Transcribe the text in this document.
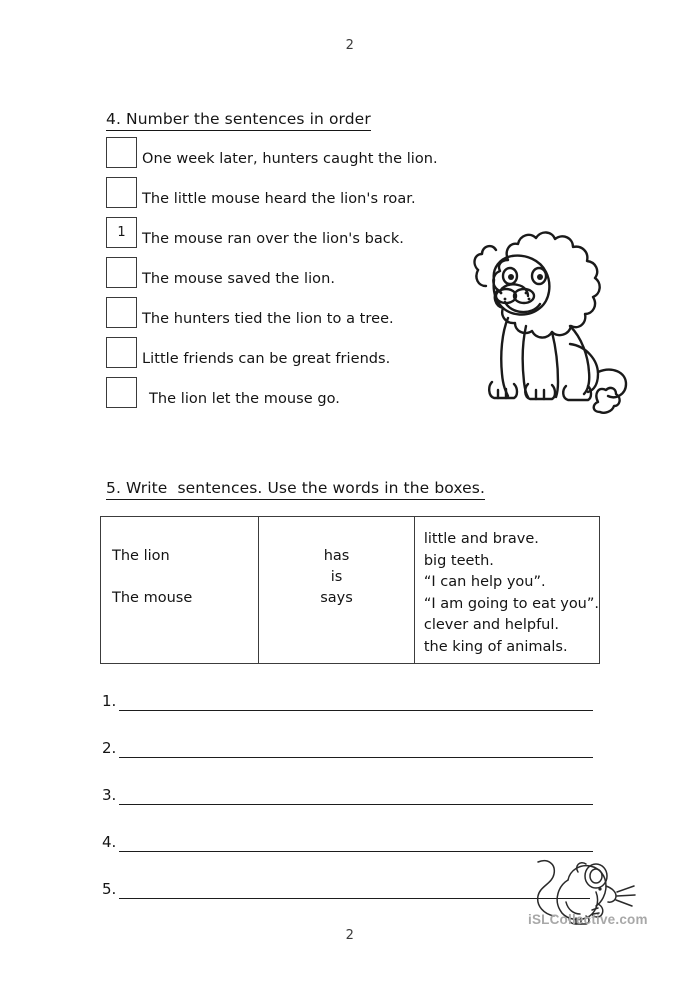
2
4. Number the sentences in order
One week later, hunters caught the lion.
The little mouse heard the lion's roar.
1	The mouse ran over the lion's back.
The mouse saved the lion.
The hunters tied the lion to a tree.
Little friends can be great friends.
The lion let the mouse go.
5. Write  sentences. Use the words in the boxes.
The lion
The mouse
has
is
says
little and brave.
big teeth.
“I can help you”.
“I am going to eat you”.
clever and helpful.
the king of animals.
1.
2.
3.
4.
5.
iSLCollective.com
2
